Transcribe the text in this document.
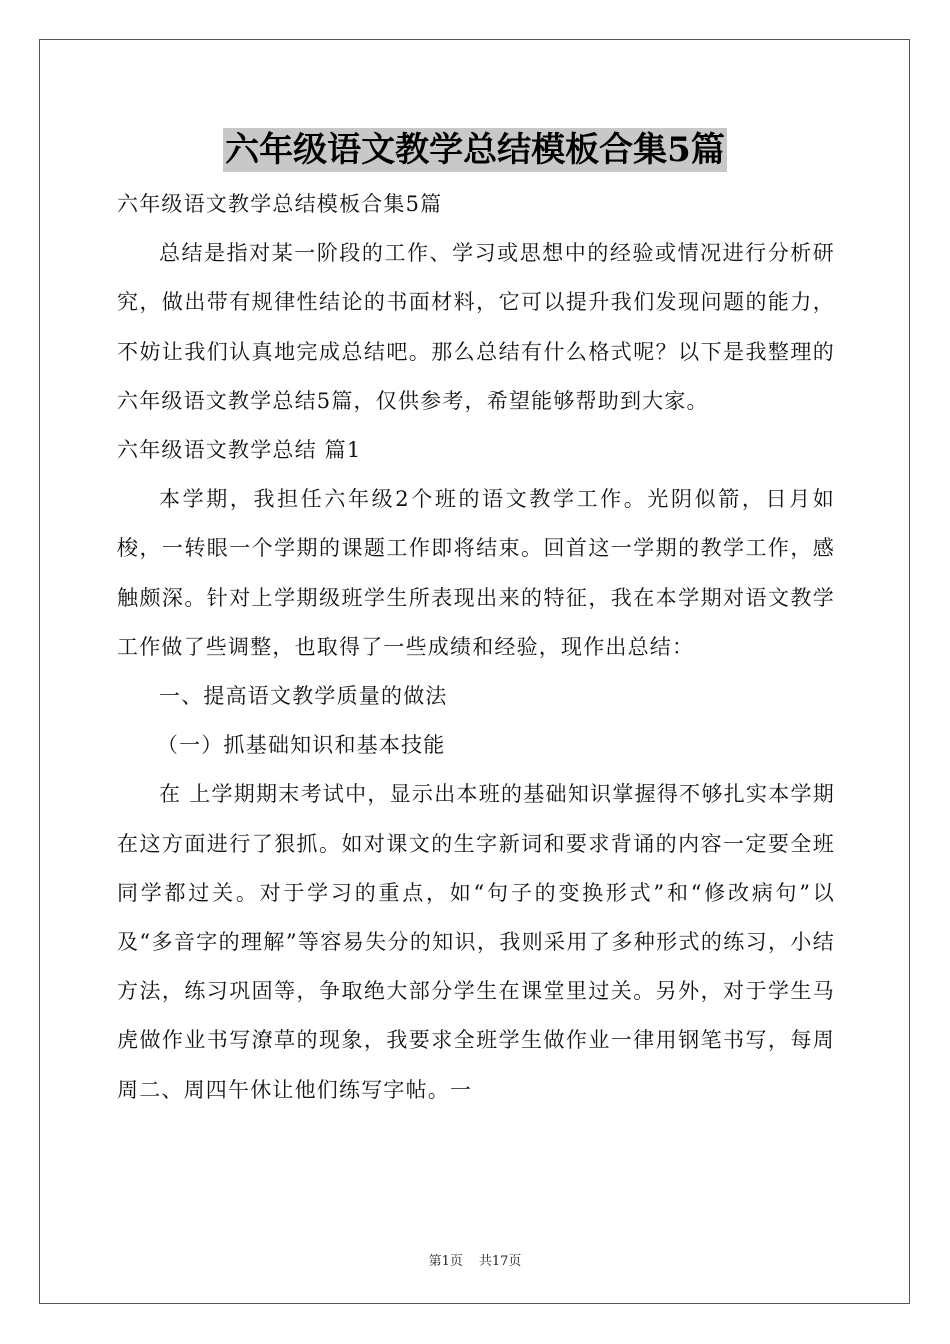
六年级语文教学总结模板合集5篇

六年级语文教学总结模板合集5篇

总结是指对某一阶段的工作、学习或思想中的经验或情况进行分析研究，做出带有规律性结论的书面材料，它可以提升我们发现问题的能力，不妨让我们认真地完成总结吧。那么总结有什么格式呢？以下是我整理的六年级语文教学总结5篇，仅供参考，希望能够帮助到大家。

六年级语文教学总结 篇1

本学期，我担任六年级2个班的语文教学工作。光阴似箭，日月如梭，一转眼一个学期的课题工作即将结束。回首这一学期的教学工作，感触颇深。针对上学期级班学生所表现出来的特征，我在本学期对语文教学工作做了些调整，也取得了一些成绩和经验，现作出总结：

一、提高语文教学质量的做法

（一）抓基础知识和基本技能

在 上学期期末考试中，显示出本班的基础知识掌握得不够扎实本学期在这方面进行了狠抓。如对课文的生字新词和要求背诵的内容一定要全班同学都过关。对于学习的重点，如“句子的变换形式”和“修改病句”以及“多音字的理解”等容易失分的知识，我则采用了多种形式的练习，小结方法，练习巩固等，争取绝大部分学生在课堂里过关。另外，对于学生马虎做作业书写潦草的现象，我要求全班学生做作业一律用钢笔书写，每周周二、周四午休让他们练写字帖。一

第1页 共17页
